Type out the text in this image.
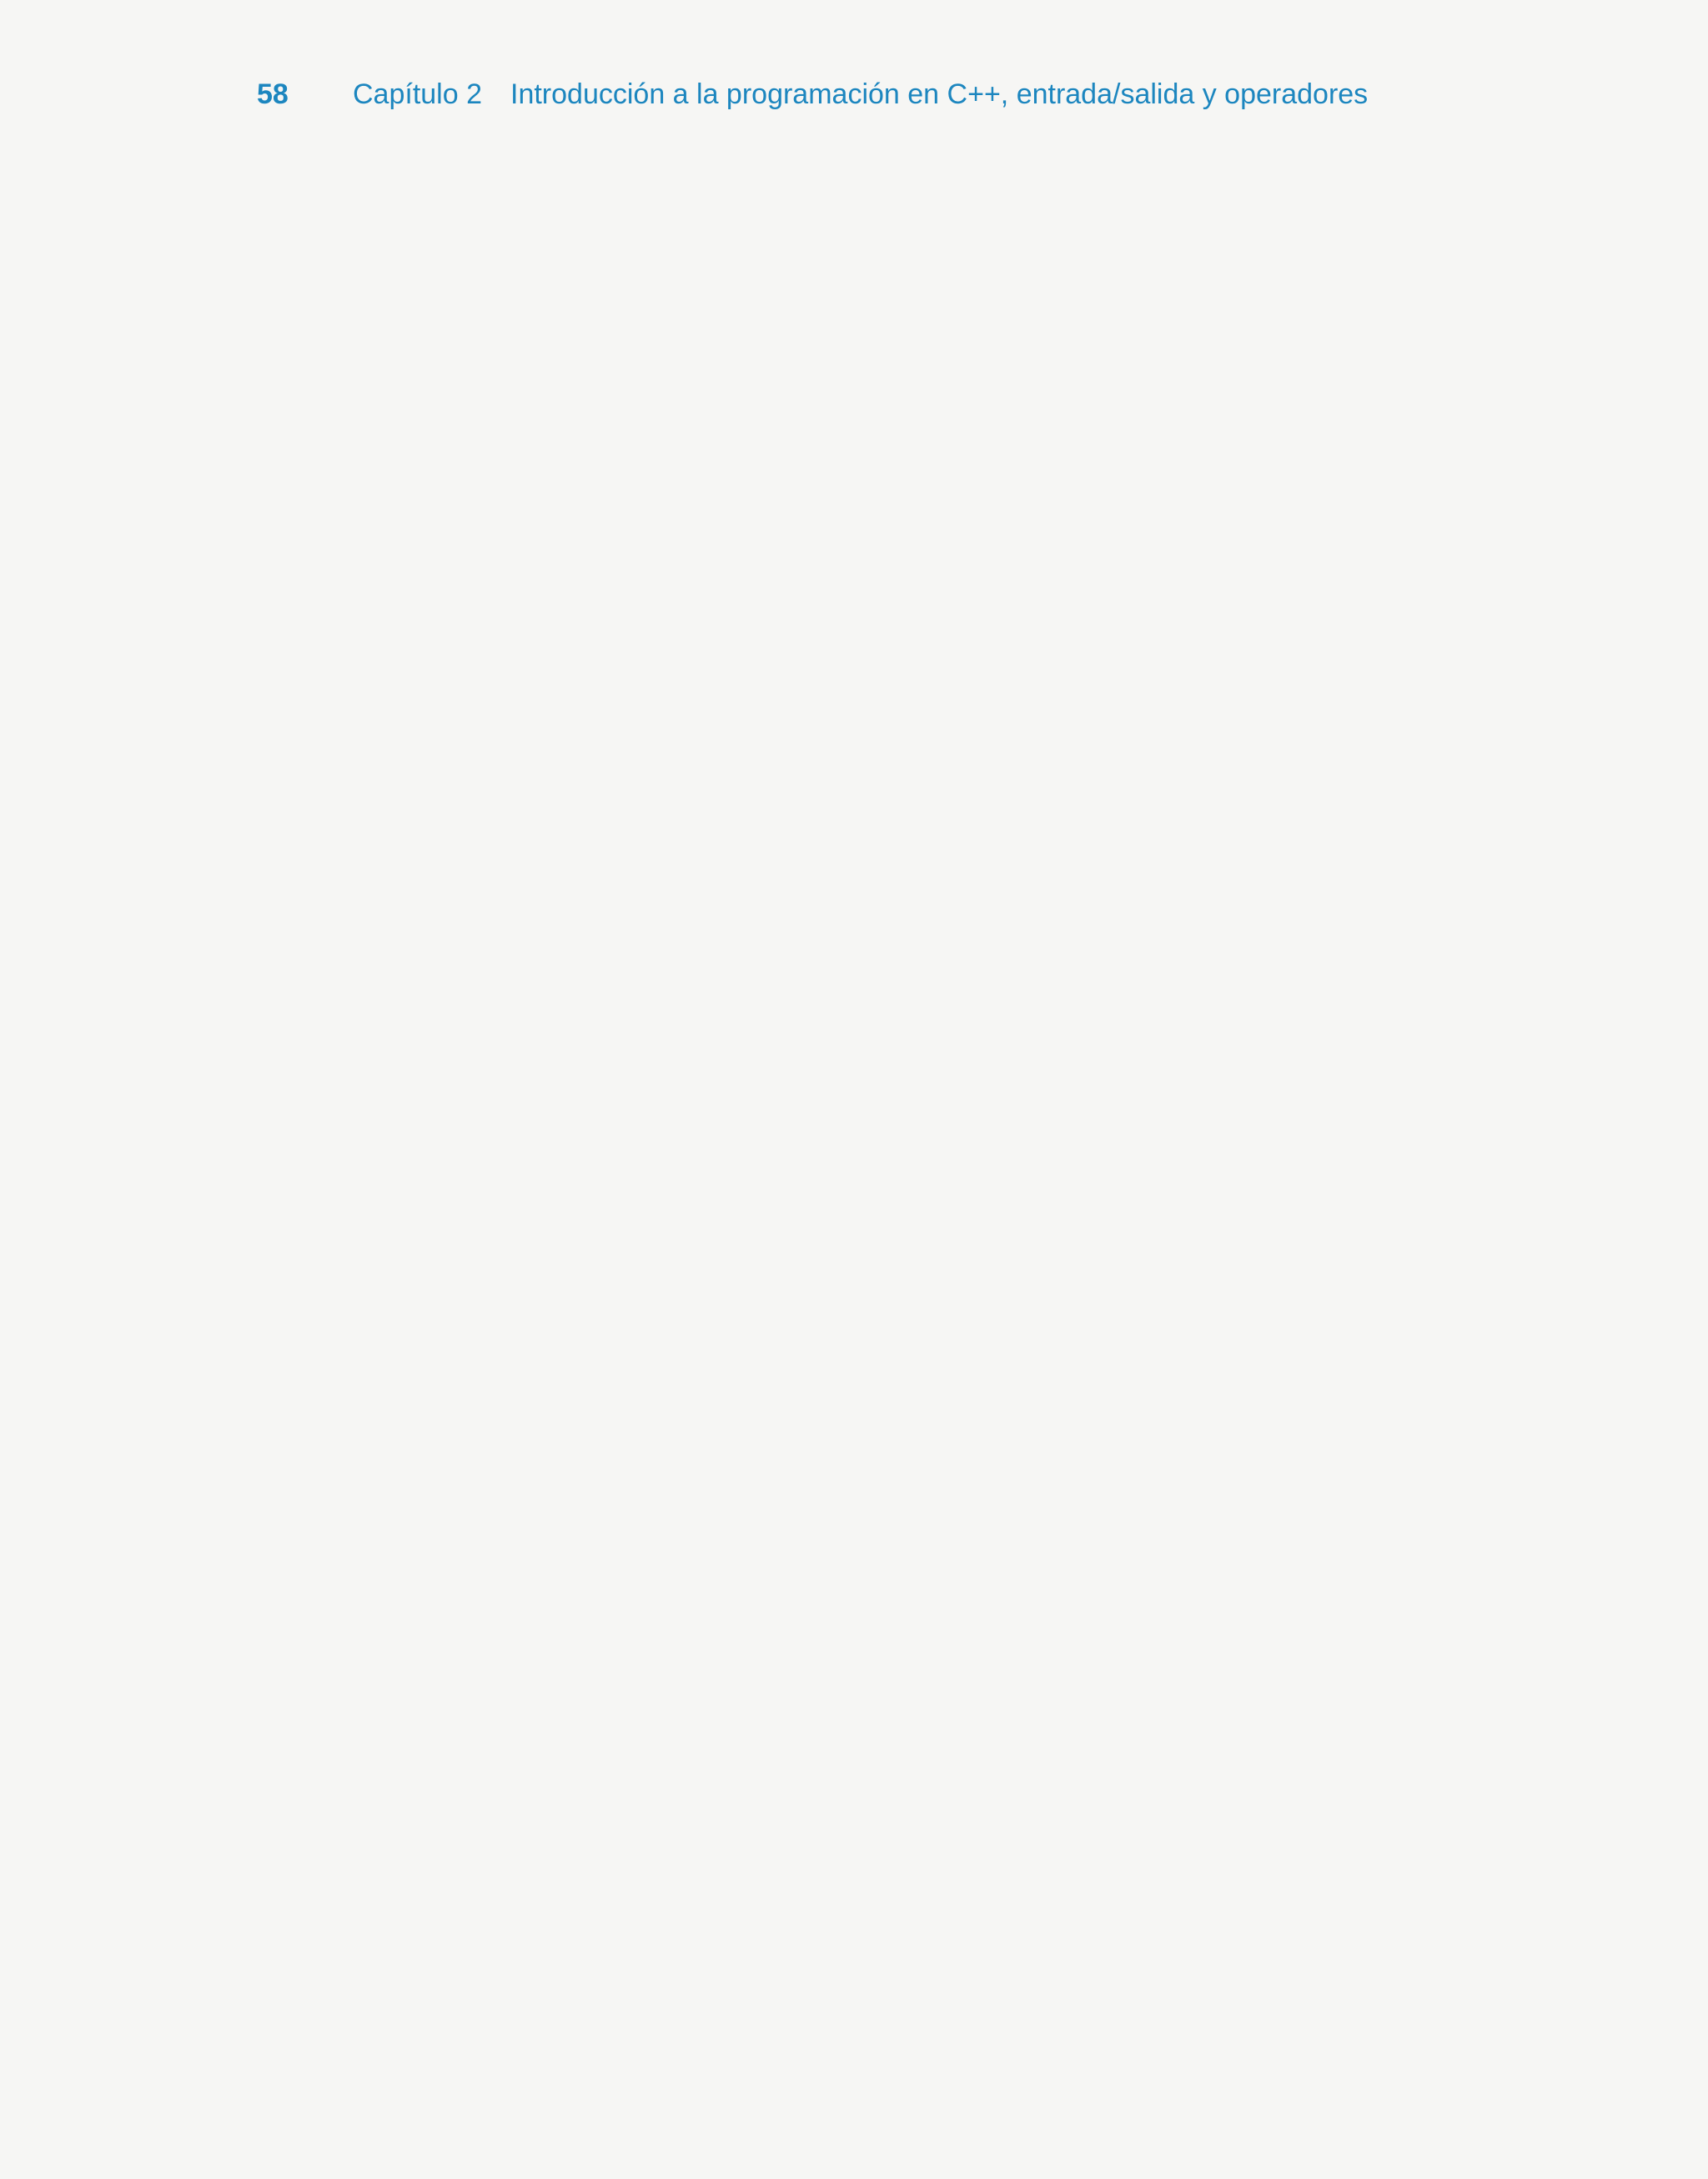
58 Capítulo 2 Introducción a la programación en C++, entrada/salida y operadores
